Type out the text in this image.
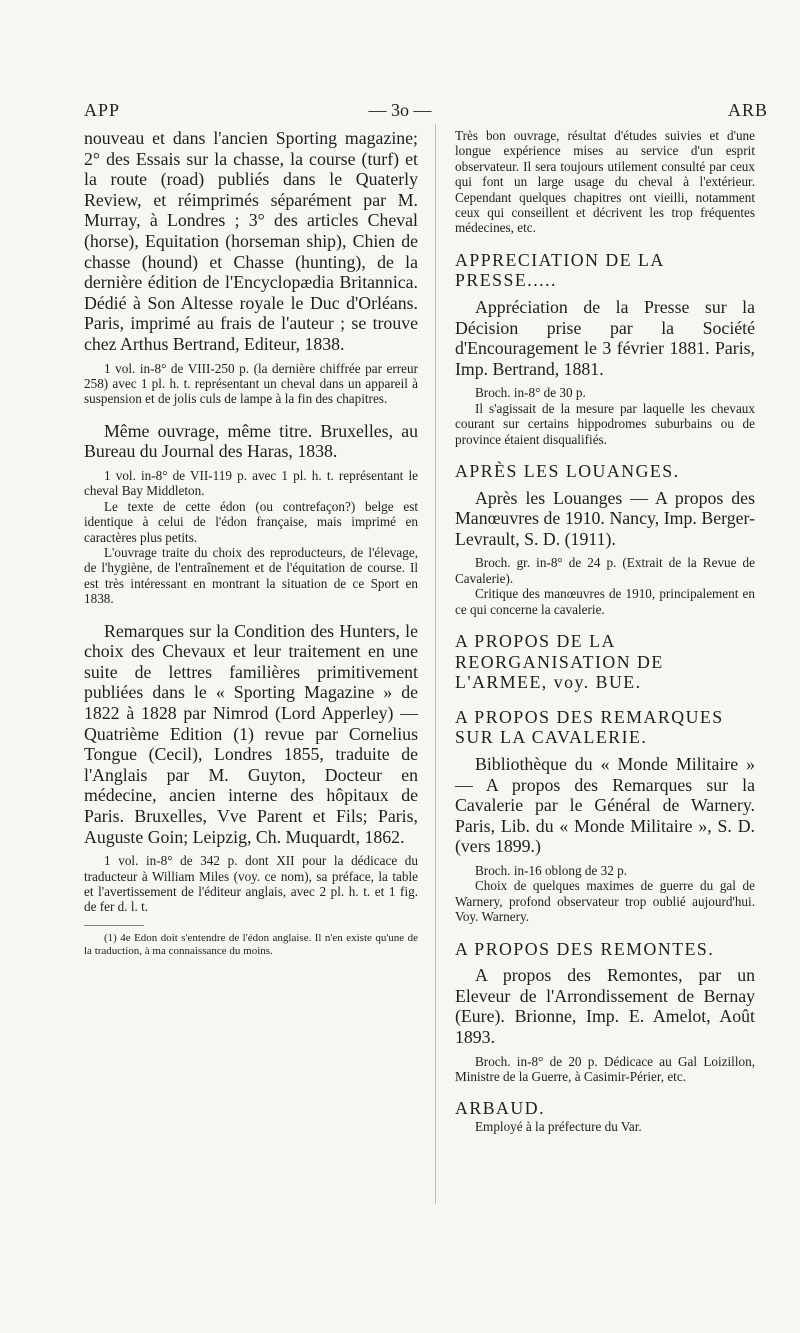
APP	— 3o —	ARB

nouveau et dans l'ancien Sporting magazine; 2° des Essais sur la chasse, la course (turf) et la route (road) publiés dans le Quaterly Review, et réimprimés séparément par M. Murray, à Londres ; 3° des articles Cheval (horse), Equitation (horseman ship), Chien de chasse (hound) et Chasse (hunting), de la dernière édition de l'Encyclopædia Britannica. Dédié à Son Altesse royale le Duc d'Orléans. Paris, imprimé au frais de l'auteur ; se trouve chez Arthus Bertrand, Editeur, 1838.

1 vol. in-8° de VIII-250 p. (la dernière chiffrée par erreur 258) avec 1 pl. h. t. représentant un cheval dans un appareil à suspension et de jolis culs de lampe à la fin des chapitres.

Même ouvrage, même titre. Bruxelles, au Bureau du Journal des Haras, 1838.

1 vol. in-8° de VII-119 p. avec 1 pl. h. t. représentant le cheval Bay Middleton.

Le texte de cette édon (ou contrefaçon?) belge est identique à celui de l'édon française, mais imprimé en caractères plus petits.

L'ouvrage traite du choix des reproducteurs, de l'élevage, de l'hygiène, de l'entraînement et de l'équitation de course. Il est très intéressant en montrant la situation de ce Sport en 1838.

Remarques sur la Condition des Hunters, le choix des Chevaux et leur traitement en une suite de lettres familières primitivement publiées dans le « Sporting Magazine » de 1822 à 1828 par Nimrod (Lord Apperley) — Quatrième Edition (1) revue par Cornelius Tongue (Cecil), Londres 1855, traduite de l'Anglais par M. Guyton, Docteur en médecine, ancien interne des hôpitaux de Paris. Bruxelles, Vve Parent et Fils; Paris, Auguste Goin; Leipzig, Ch. Muquardt, 1862.

1 vol. in-8° de 342 p. dont XII pour la dédicace du traducteur à William Miles (voy. ce nom), sa préface, la table et l'avertissement de l'éditeur anglais, avec 2 pl. h. t. et 1 fig. de fer d. l. t.

(1) 4e Edon doit s'entendre de l'édon anglaise. Il n'en existe qu'une de la traduction, à ma connaissance du moins.

Très bon ouvrage, résultat d'études suivies et d'une longue expérience mises au service d'un esprit observateur. Il sera toujours utilement consulté par ceux qui font un large usage du cheval à l'extérieur. Cependant quelques chapitres ont vieilli, notamment ceux qui conseillent et décrivent les trop fréquentes médecines, etc.

APPRECIATION DE LA PRESSE.....

Appréciation de la Presse sur la Décision prise par la Société d'Encouragement le 3 février 1881. Paris, Imp. Bertrand, 1881.

Broch. in-8° de 30 p.

Il s'agissait de la mesure par laquelle les chevaux courant sur certains hippodromes suburbains ou de province étaient disqualifiés.

APRÈS LES LOUANGES.

Après les Louanges — A propos des Manœuvres de 1910. Nancy, Imp. Berger-Levrault, S. D. (1911).

Broch. gr. in-8° de 24 p. (Extrait de la Revue de Cavalerie).

Critique des manœuvres de 1910, principalement en ce qui concerne la cavalerie.

A PROPOS DE LA REORGANISATION DE L'ARMEE, voy. BUE.

A PROPOS DES REMARQUES SUR LA CAVALERIE.

Bibliothèque du « Monde Militaire » — A propos des Remarques sur la Cavalerie par le Général de Warnery. Paris, Lib. du « Monde Militaire », S. D. (vers 1899.)

Broch. in-16 oblong de 32 p.

Choix de quelques maximes de guerre du gal de Warnery, profond observateur trop oublié aujourd'hui. Voy. Warnery.

A PROPOS DES REMONTES.

A propos des Remontes, par un Eleveur de l'Arrondissement de Bernay (Eure). Brionne, Imp. E. Amelot, Août 1893.

Broch. in-8° de 20 p. Dédicace au Gal Loizillon, Ministre de la Guerre, à Casimir-Périer, etc.

ARBAUD.

Employé à la préfecture du Var.
